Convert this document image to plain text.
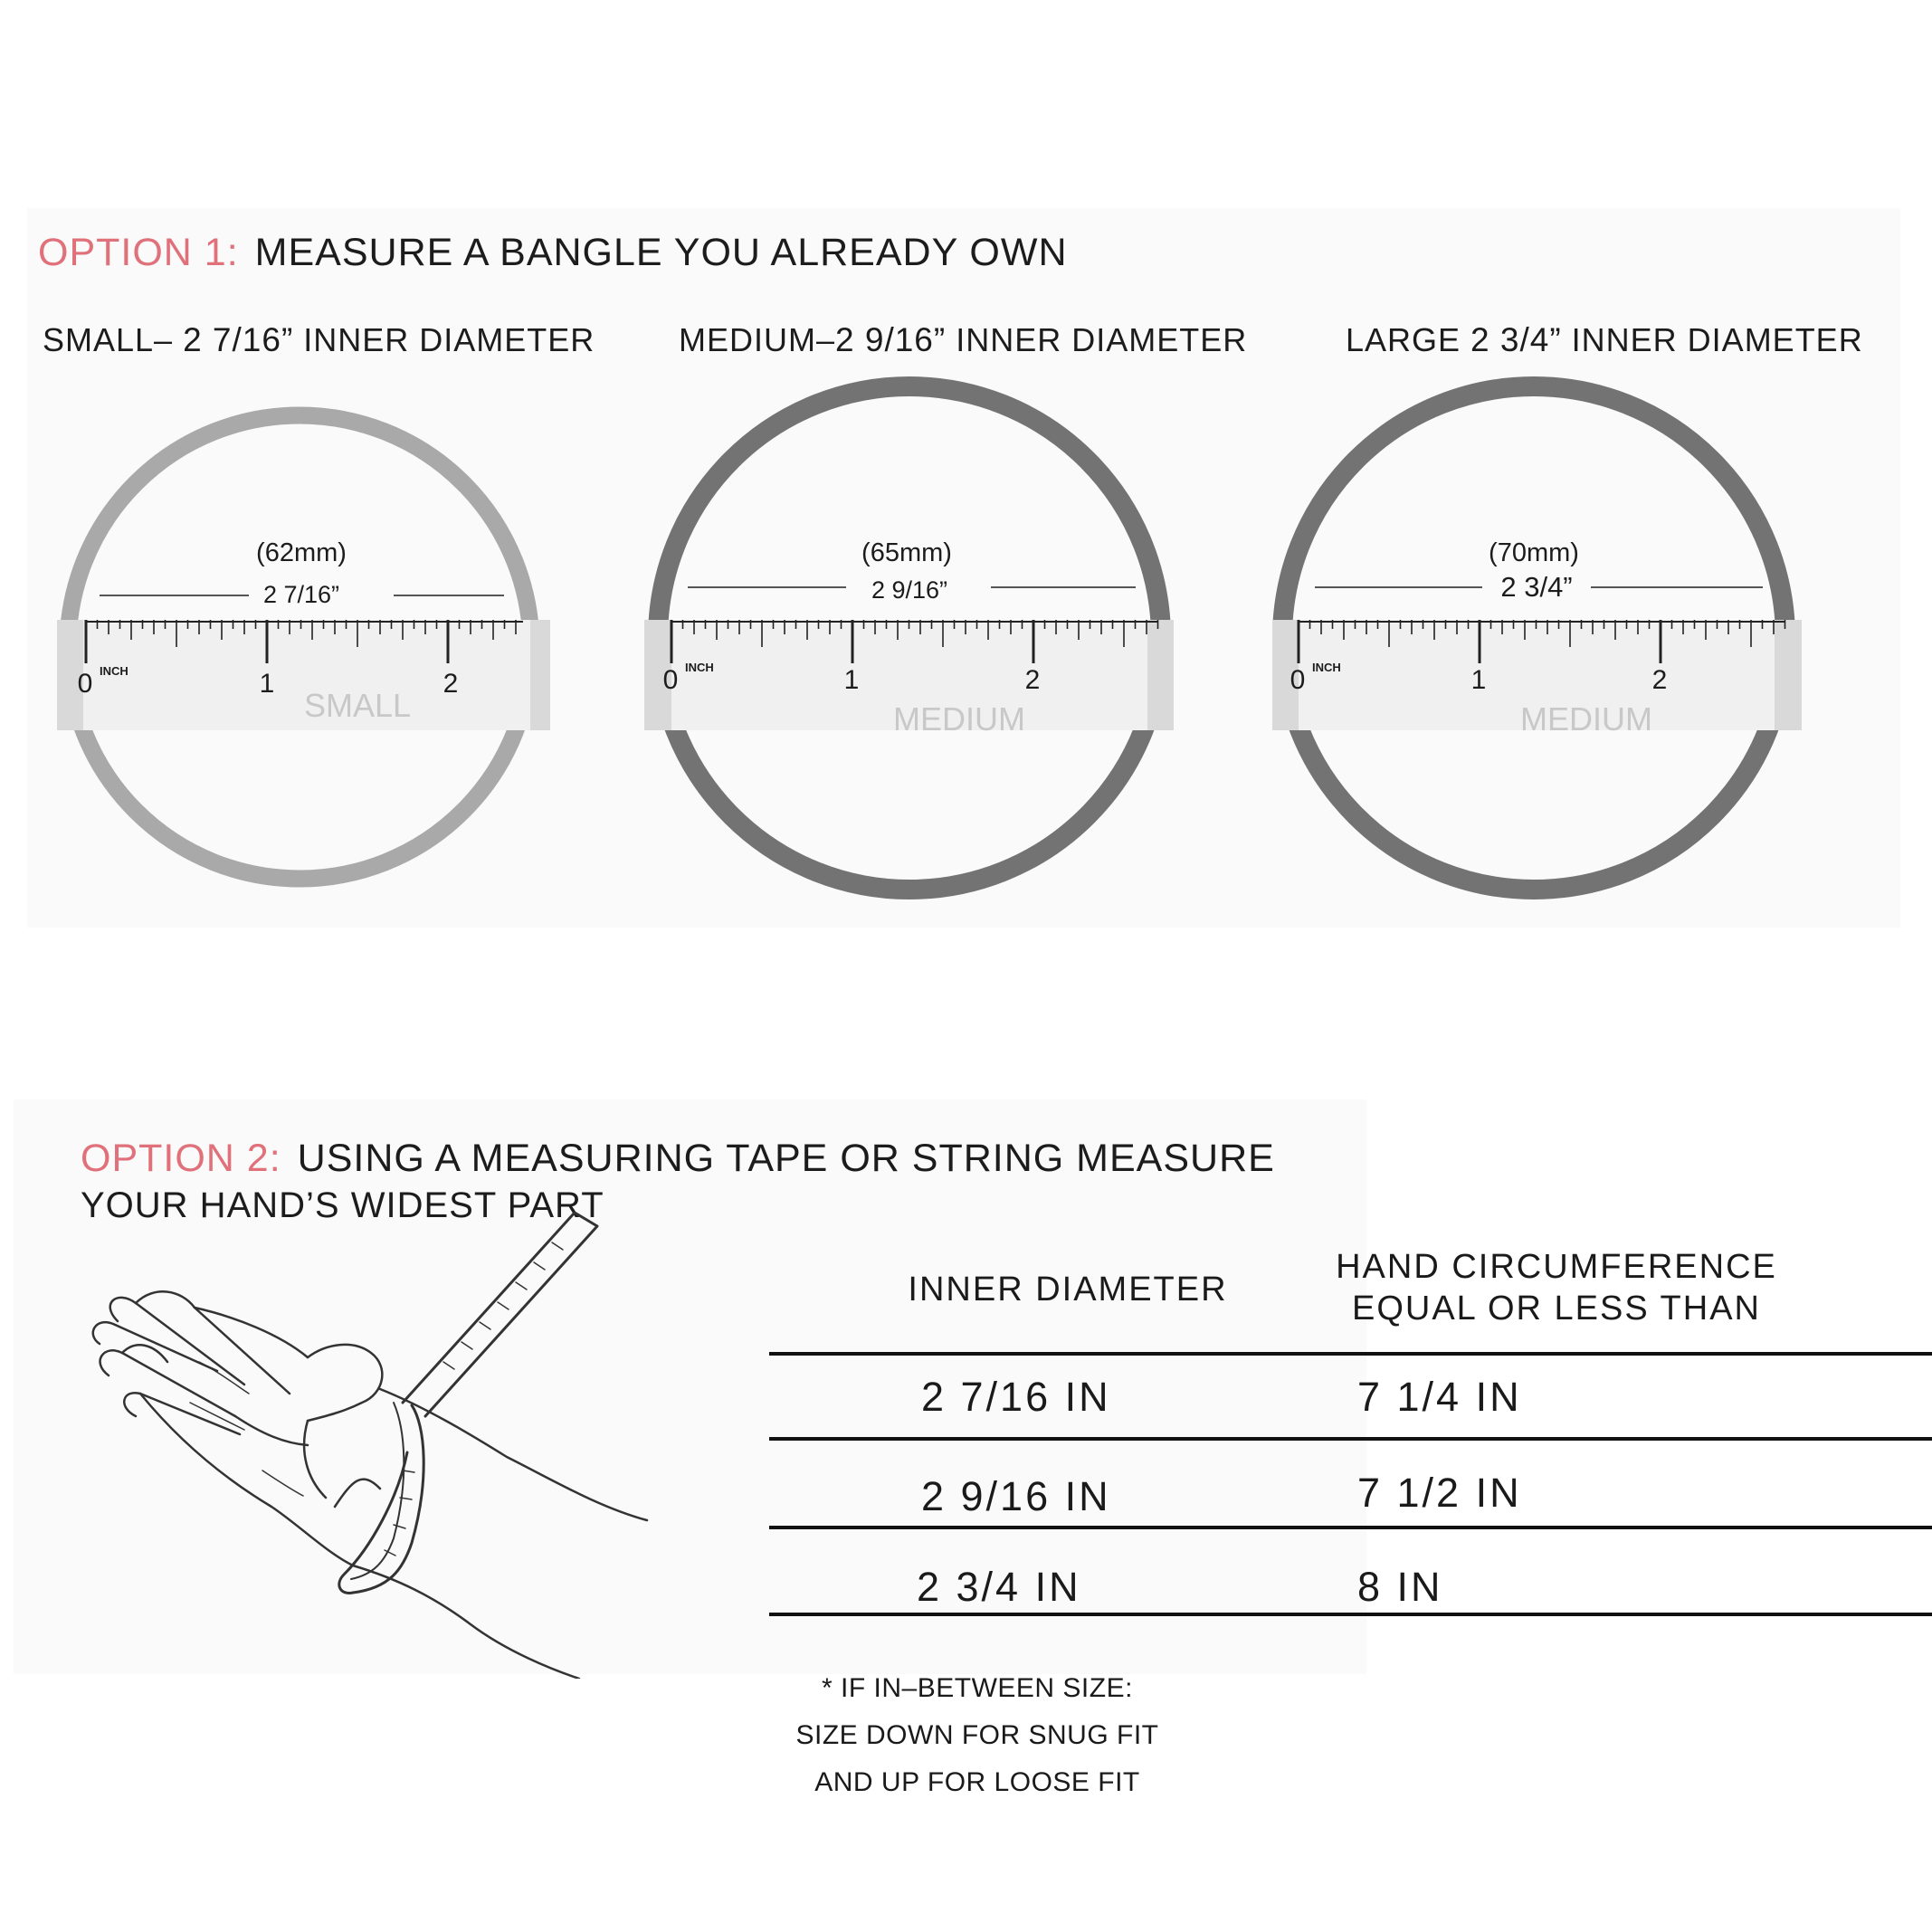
OPTION 1: MEASURE A BANGLE YOU ALREADY OWN
SMALL– 2 7/16” INNER DIAMETER	MEDIUM–2 9/16” INNER DIAMETER	LARGE 2 3/4” INNER DIAMETER
(62mm)
2 7/16”
0 INCH	1	2
SMALL
(65mm)
2 9/16”
0 INCH	1	2
MEDIUM
(70mm)
2 3/4”
0 INCH	1	2
MEDIUM
OPTION 2: USING A MEASURING TAPE OR STRING MEASURE
YOUR HAND’S WIDEST PART
INNER DIAMETER
HAND CIRCUMFERENCE
EQUAL OR LESS THAN
2 7/16 IN	7 1/4 IN
2 9/16 IN	7 1/2 IN
2 3/4 IN	8 IN
* IF IN–BETWEEN SIZE:
SIZE DOWN FOR SNUG FIT
AND UP FOR LOOSE FIT
